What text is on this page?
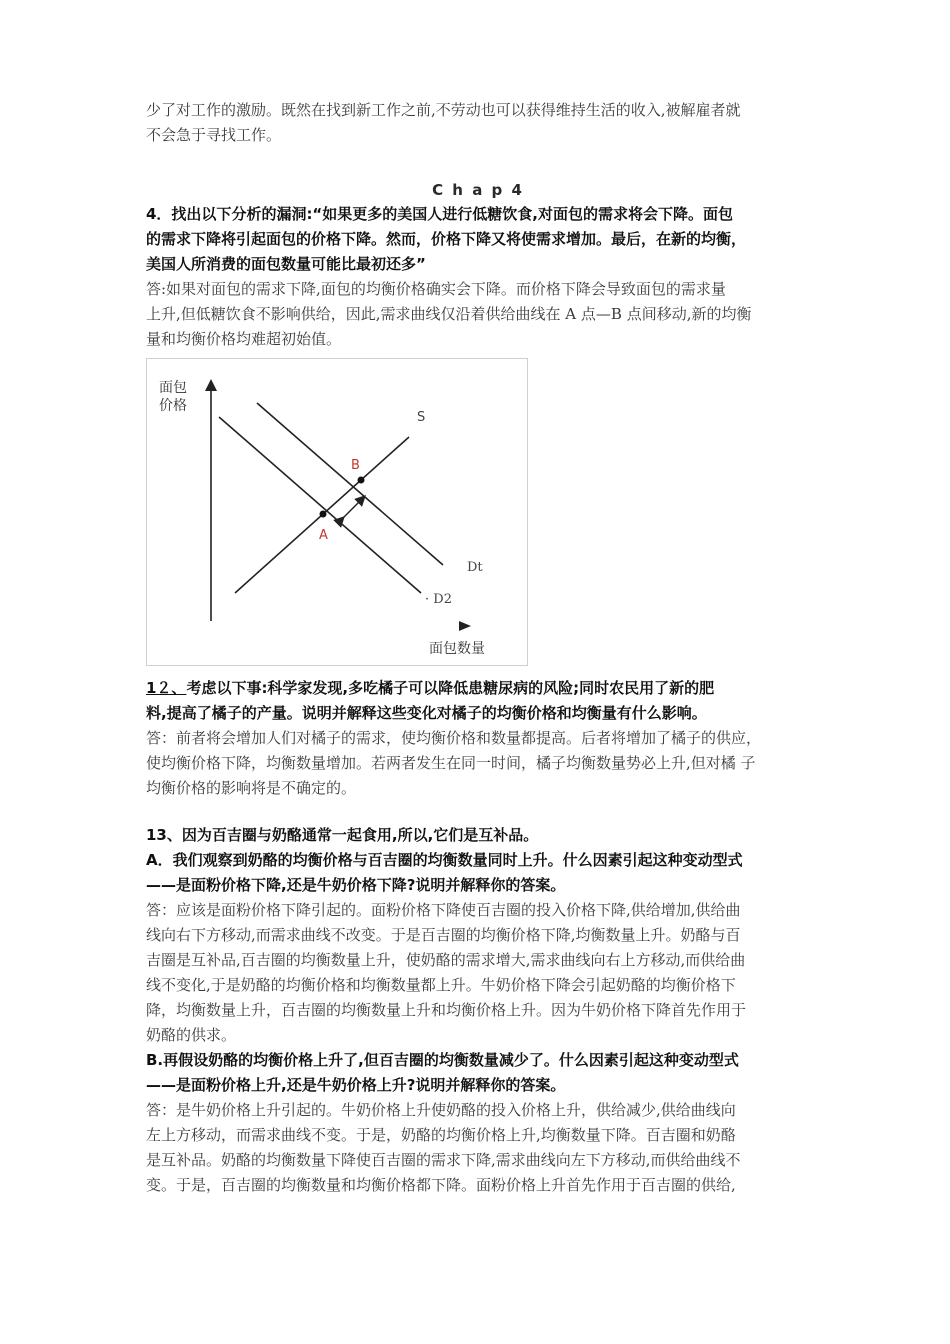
少了对工作的激励。既然在找到新工作之前,不劳动也可以获得维持生活的收入,被解雇者就

不会急于寻找工作。

C h a p 4

4．找出以下分析的漏洞:“如果更多的美国人进行低糖饮食,对面包的需求将会下降。面包

的需求下降将引起面包的价格下降。然而，价格下降又将使需求增加。最后，在新的均衡，

美国人所消费的面包数量可能比最初还多”

答:如果对面包的需求下降,面包的均衡价格确实会下降。而价格下降会导致面包的需求量

上升,但低糖饮食不影响供给，因此,需求曲线仅沿着供给曲线在 A 点—B 点间移动,新的均衡

量和均衡价格均难超初始值。

面包
价格
面包数量
S
Dt
· D2
B
A

1２、考虑以下事:科学家发现,多吃橘子可以降低患糖尿病的风险;同时农民用了新的肥

料,提高了橘子的产量。说明并解释这些变化对橘子的均衡价格和均衡量有什么影响。

答：前者将会增加人们对橘子的需求，使均衡价格和数量都提高。后者将增加了橘子的供应，

使均衡价格下降，均衡数量增加。若两者发生在同一时间，橘子均衡数量势必上升,但对橘 子

均衡价格的影响将是不确定的。

13、因为百吉圈与奶酪通常一起食用,所以,它们是互补品。

A．我们观察到奶酪的均衡价格与百吉圈的均衡数量同时上升。什么因素引起这种变动型式

——是面粉价格下降,还是牛奶价格下降?说明并解释你的答案。

答：应该是面粉价格下降引起的。面粉价格下降使百吉圈的投入价格下降,供给增加,供给曲

线向右下方移动,而需求曲线不改变。于是百吉圈的均衡价格下降,均衡数量上升。奶酪与百

吉圈是互补品,百吉圈的均衡数量上升，使奶酪的需求增大,需求曲线向右上方移动,而供给曲

线不变化,于是奶酪的均衡价格和均衡数量都上升。牛奶价格下降会引起奶酪的均衡价格下

降，均衡数量上升，百吉圈的均衡数量上升和均衡价格上升。因为牛奶价格下降首先作用于

奶酪的供求。

B.再假设奶酪的均衡价格上升了,但百吉圈的均衡数量减少了。什么因素引起这种变动型式

——是面粉价格上升,还是牛奶价格上升?说明并解释你的答案。

答：是牛奶价格上升引起的。牛奶价格上升使奶酪的投入价格上升，供给减少,供给曲线向

左上方移动，而需求曲线不变。于是，奶酪的均衡价格上升,均衡数量下降。百吉圈和奶酪

是互补品。奶酪的均衡数量下降使百吉圈的需求下降,需求曲线向左下方移动,而供给曲线不

变。于是，百吉圈的均衡数量和均衡价格都下降。面粉价格上升首先作用于百吉圈的供给,
